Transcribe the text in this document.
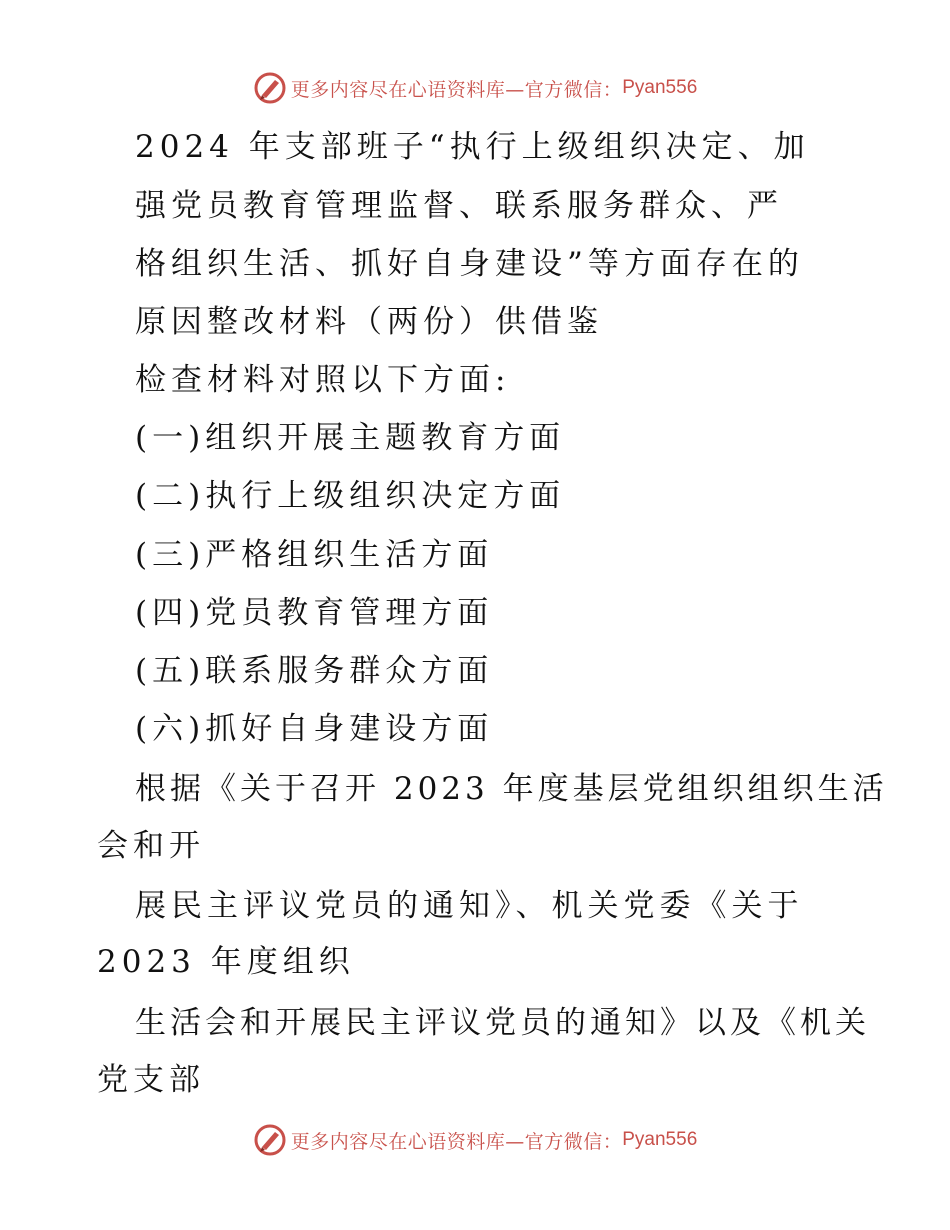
更多内容尽在心语资料库—官方微信： Pyan556
2024 年支部班子“执行上级组织决定、加
强党员教育管理监督、联系服务群众、严
格组织生活、抓好自身建设”等方面存在的
原因整改材料（两份）供借鉴
检查材料对照以下方面:
(一)组织开展主题教育方面
(二)执行上级组织决定方面
(三)严格组织生活方面
(四)党员教育管理方面
(五)联系服务群众方面
(六)抓好自身建设方面
根据《关于召开 2023 年度基层党组织组织生活
会和开
展民主评议党员的通知》、机关党委《关于
2023 年度组织
生活会和开展民主评议党员的通知》以及《机关
党支部
更多内容尽在心语资料库—官方微信： Pyan556
